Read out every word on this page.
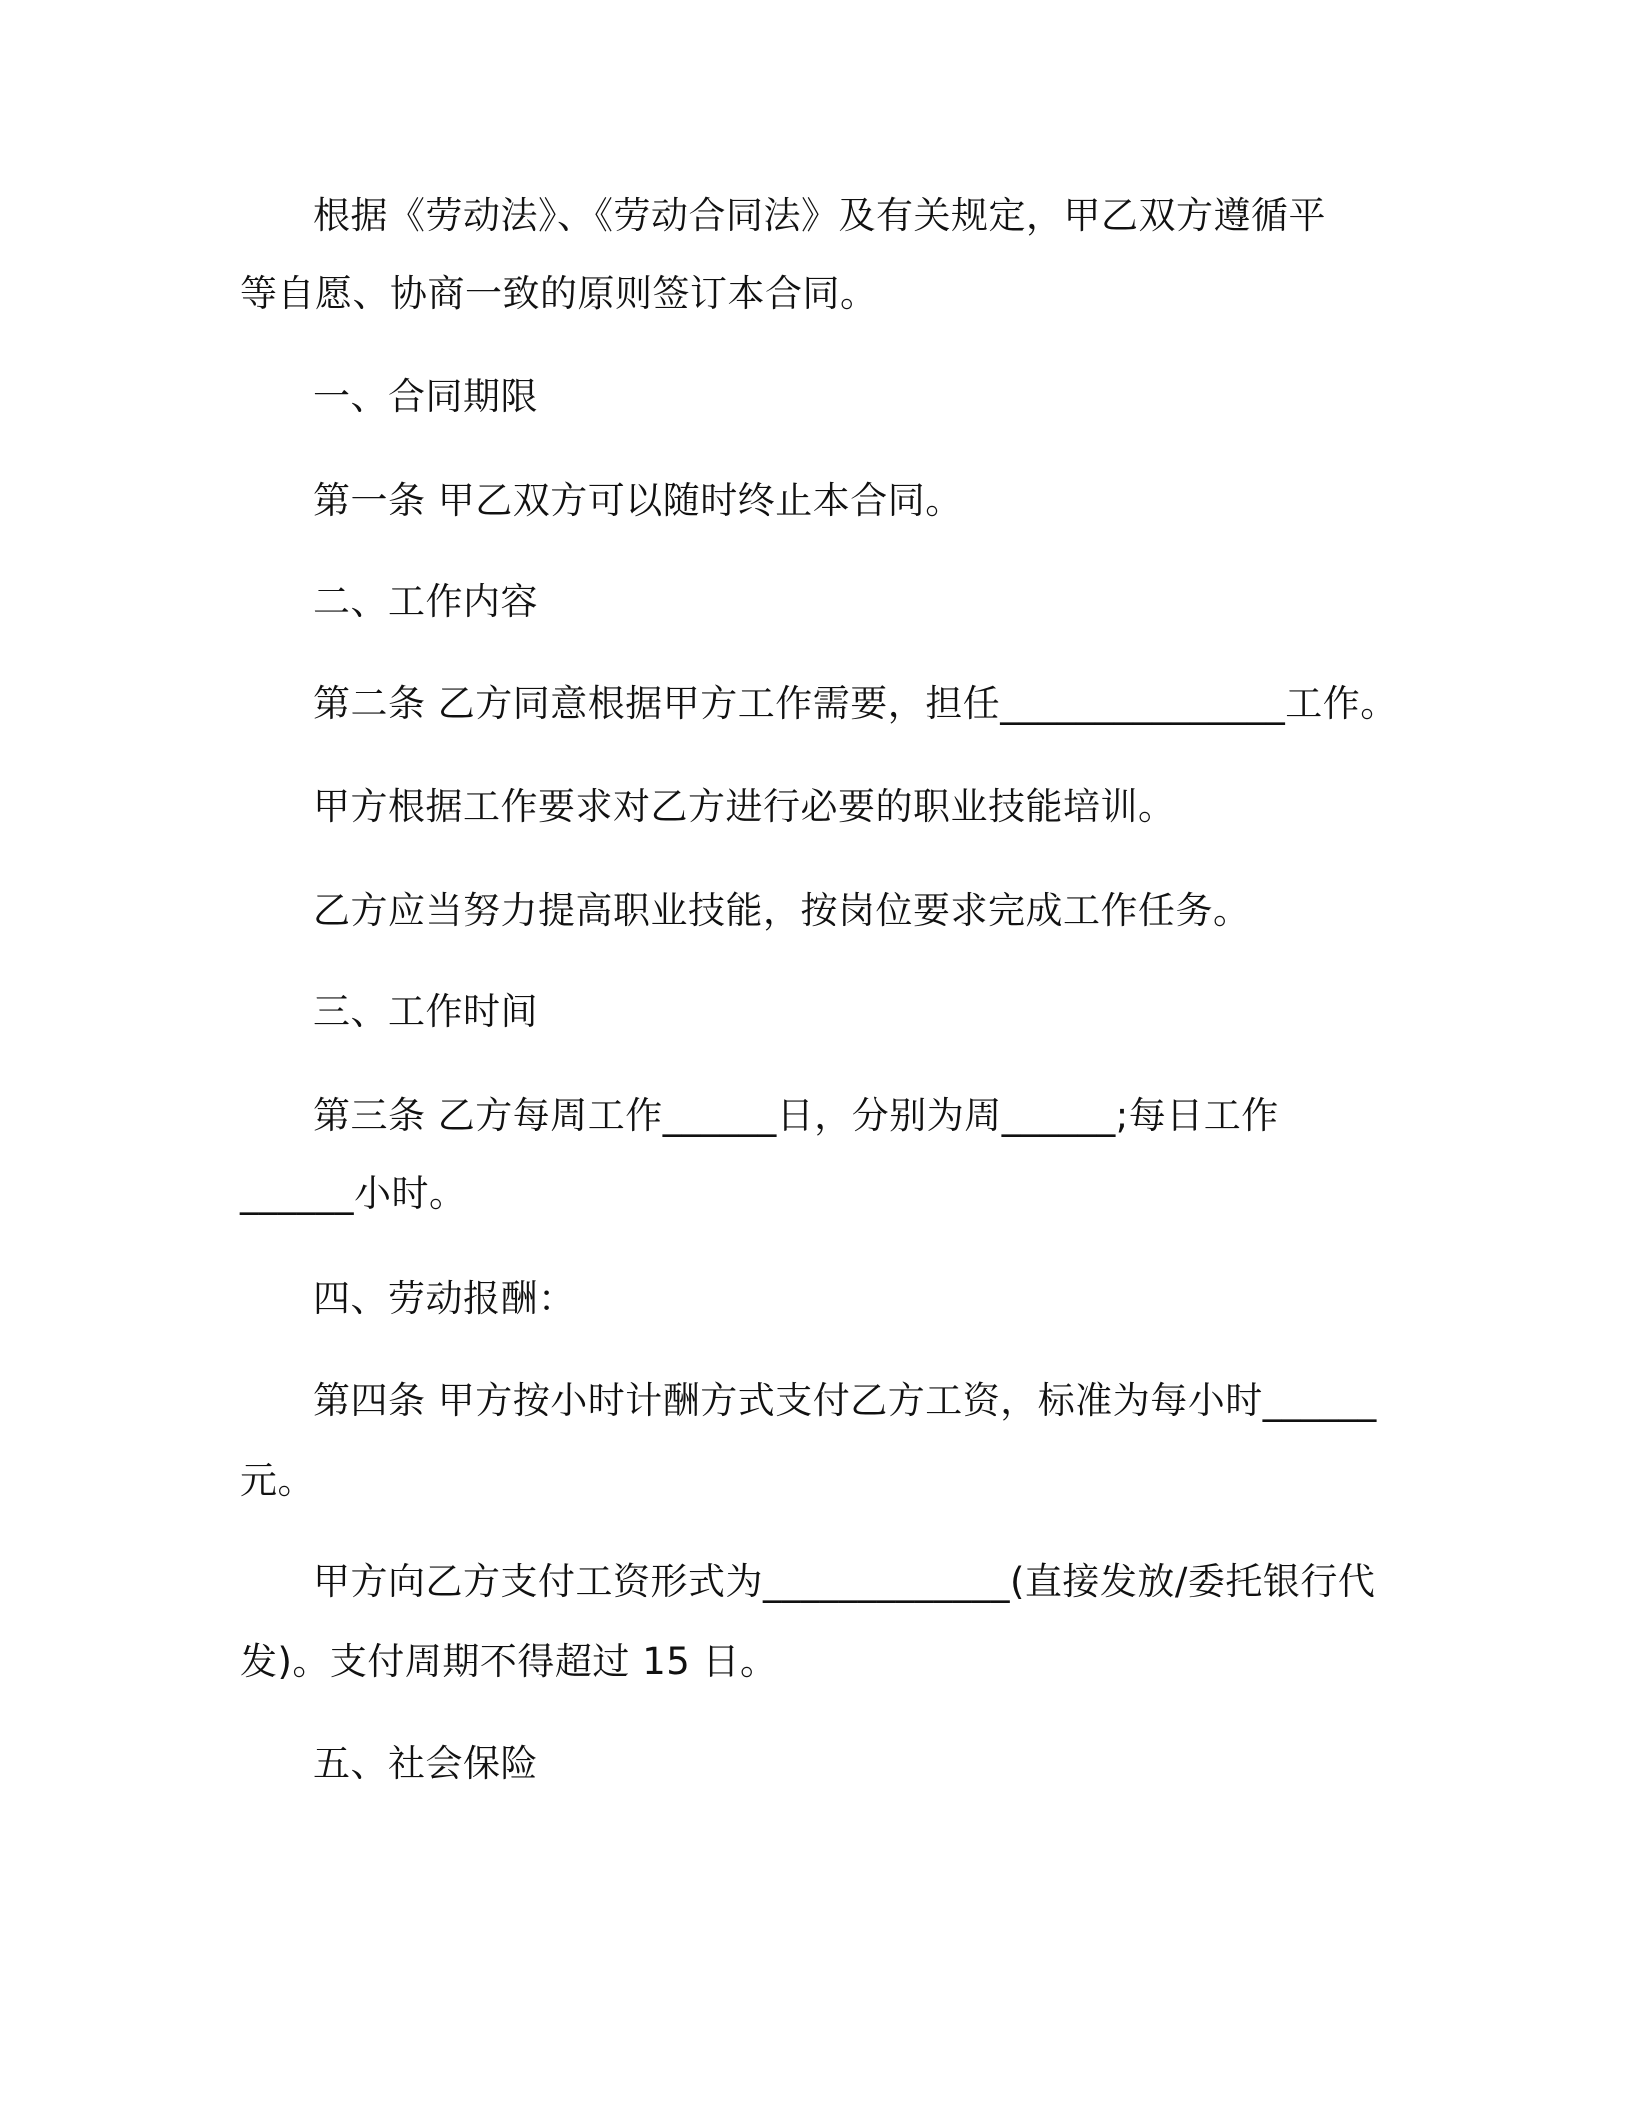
根据《劳动法》、《劳动合同法》及有关规定，甲乙双方遵循平
等自愿、协商一致的原则签订本合同。
一、合同期限
第一条 甲乙双方可以随时终止本合同。
二、工作内容
第二条 乙方同意根据甲方工作需要，担任_______________工作。
甲方根据工作要求对乙方进行必要的职业技能培训。
乙方应当努力提高职业技能，按岗位要求完成工作任务。
三、工作时间
第三条 乙方每周工作______日，分别为周______;每日工作
______小时。
四、劳动报酬：
第四条 甲方按小时计酬方式支付乙方工资，标准为每小时______
元。
甲方向乙方支付工资形式为_____________(直接发放/委托银行代
发)。支付周期不得超过 15 日。
五、社会保险
